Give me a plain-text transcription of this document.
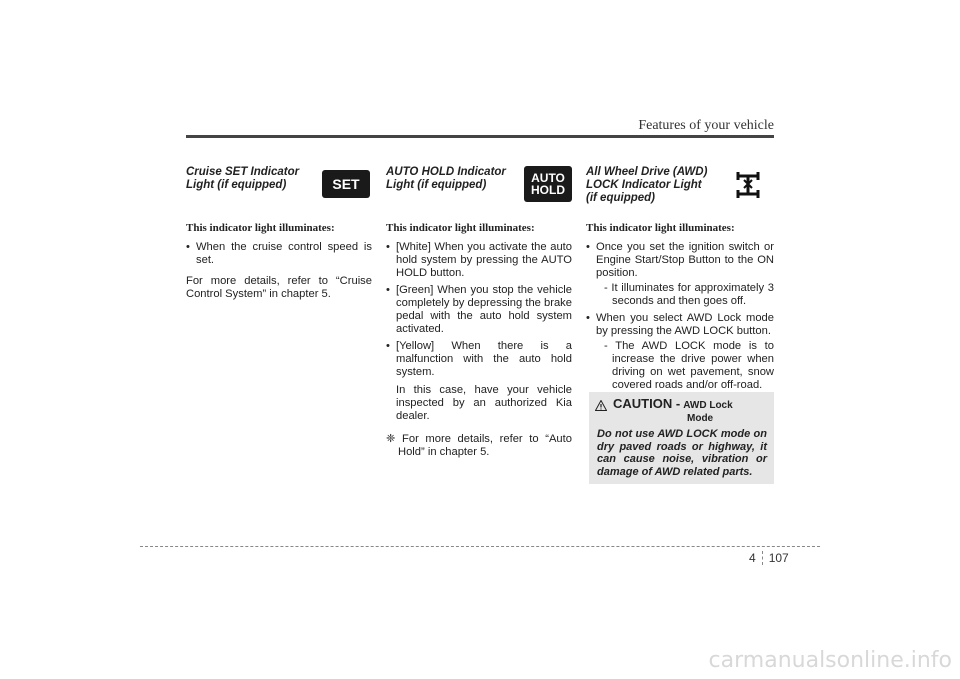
Features of your vehicle
Cruise SET Indicator Light (if equipped)	SET
This indicator light illuminates:
• When the cruise control speed is set.
For more details, refer to “Cruise Control System” in chapter 5.
AUTO HOLD Indicator Light (if equipped)	AUTO
HOLD
This indicator light illuminates:
• [White] When you activate the auto hold system by pressing the AUTO HOLD button.
• [Green] When you stop the vehicle completely by depressing the brake pedal with the auto hold system activated.
• [Yellow] When there is a malfunction with the auto hold system.
In this case, have your vehicle inspected by an authorized Kia dealer.
❈ For more details, refer to “Auto Hold” in chapter 5.
All Wheel Drive (AWD) LOCK Indicator Light (if equipped)
This indicator light illuminates:
• Once you set the ignition switch or Engine Start/Stop Button to the ON position.
- It illuminates for approximately 3 seconds and then goes off.
• When you select AWD Lock mode by pressing the AWD LOCK button.
- The AWD LOCK mode is to increase the drive power when driving on wet pavement, snow covered roads and/or off-road.
CAUTION - AWD Lock
Mode
Do not use AWD LOCK mode on dry paved roads or highway, it can cause noise, vibration or damage of AWD related parts.
4	107
carmanualsonline.info
